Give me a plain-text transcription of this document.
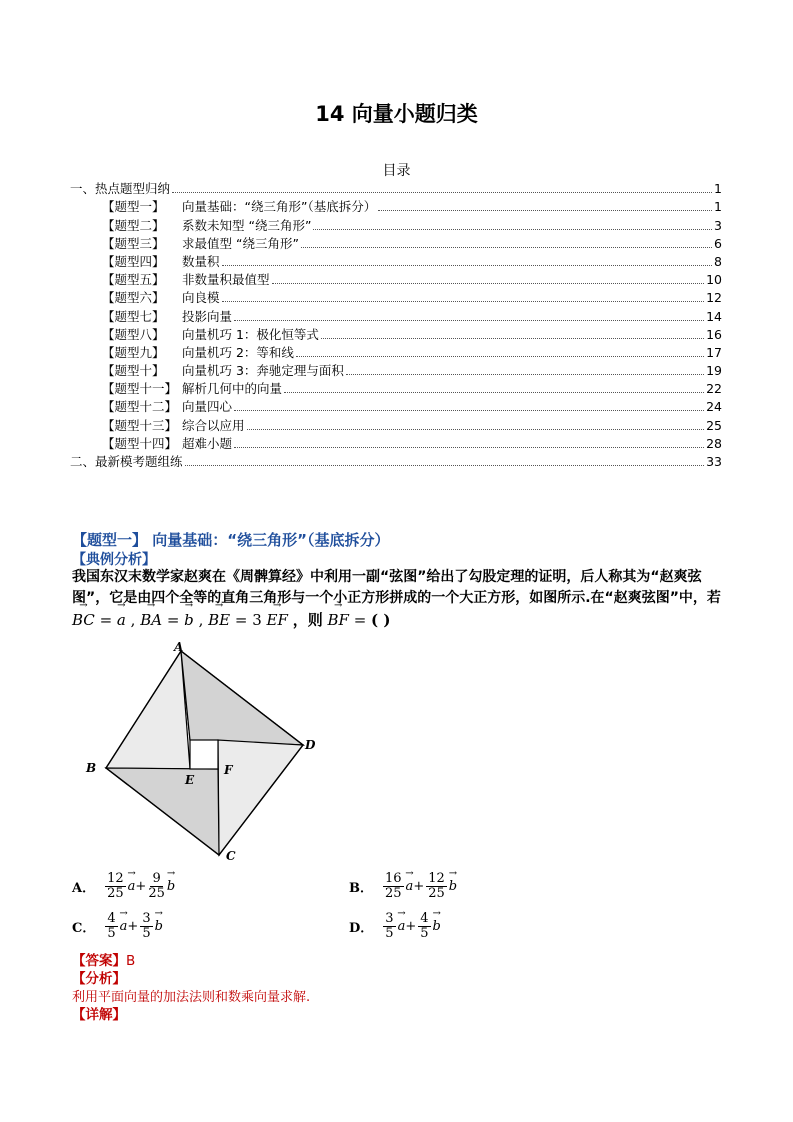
14 向量小题归类
目录
一、热点题型归纳	1
【题型一】	向量基础：“绕三角形”（基底拆分）	1
【题型二】	系数未知型 “绕三角形”	3
【题型三】	求最值型 “绕三角形”	6
【题型四】	数量积	8
【题型五】	非数量积最值型	10
【题型六】	向良模	12
【题型七】	投影向量	14
【题型八】	向量机巧 1：极化恒等式	16
【题型九】	向量机巧 2：等和线	17
【题型十】	向量机巧 3：奔驰定理与面积	19
【题型十一】 解析几何中的向量	22
【题型十二】 向量四心	24
【题型十三】 综合以应用	25
【题型十四】 超难小题	28
二、最新模考题组练	33
【题型一】 向量基础：“绕三角形”（基底拆分）
【典例分析】
我国东汉末数学家赵爽在《周髀算经》中利用一副“弦图”给出了勾股定理的证明，后人称其为“赵爽弦图”，它是由四个全等的直角三角形与一个小正方形拼成的一个大正方形，如图所示.在“赵爽弦图”中，若
→ BC = → a , → BA = → b , → BE = 3 → EF ，则 → BF = ( )
A
B
C
D
E
F
A． $\frac{12}{25} \to a + \frac{9}{25} \to b$	B． $\frac{16}{25} \to a + \frac{12}{25} \to b$
C． $\frac{4}{5} \to a + \frac{3}{5} \to b$	D． $\frac{3}{5} \to a + \frac{4}{5} \to b$
【答案】B
【分析】
利用平面向量的加法法则和数乘向量求解.
【详解】
